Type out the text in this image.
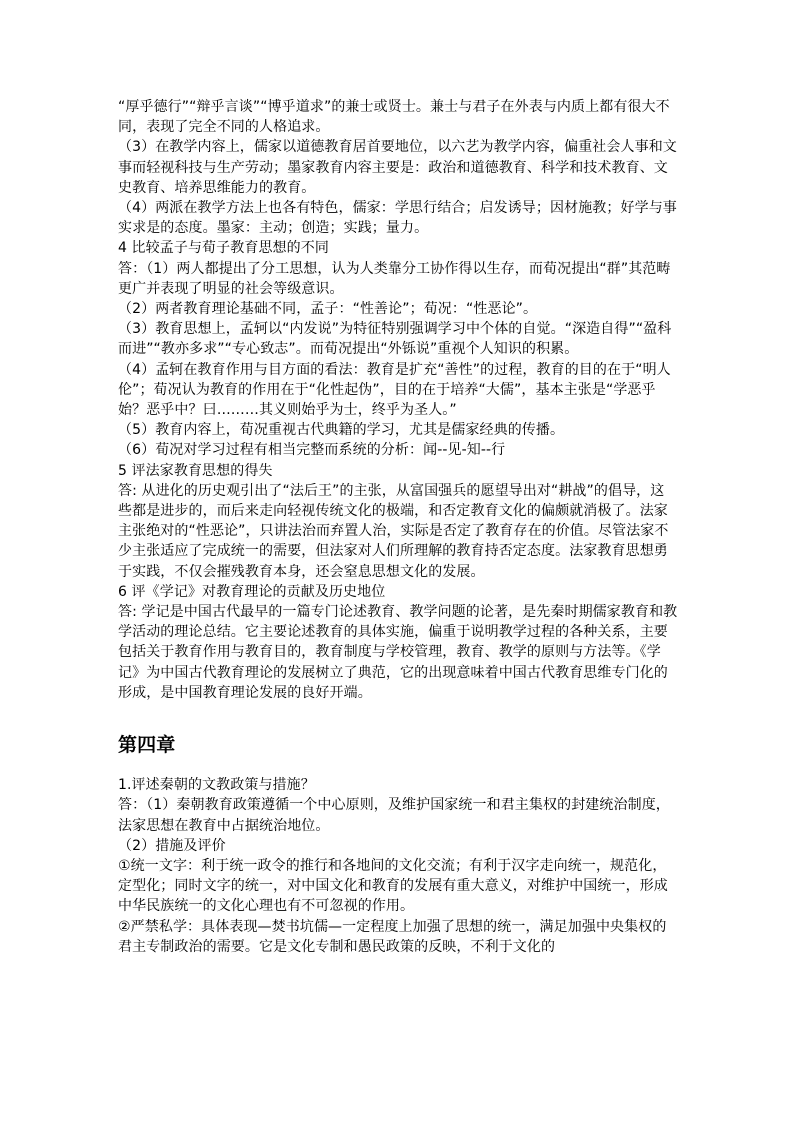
“厚乎德行”“辩乎言谈”“博乎道求”的兼士或贤士。兼士与君子在外表与内质上都有很大不同，表现了完全不同的人格追求。

（3）在教学内容上，儒家以道德教育居首要地位，以六艺为教学内容，偏重社会人事和文事而轻视科技与生产劳动；墨家教育内容主要是：政治和道德教育、科学和技术教育、文史教育、培养思维能力的教育。

（4）两派在教学方法上也各有特色，儒家：学思行结合；启发诱导；因材施教；好学与事实求是的态度。墨家：主动；创造；实践；量力。

4 比较孟子与荀子教育思想的不同

答：（1）两人都提出了分工思想，认为人类靠分工协作得以生存，而荀况提出“群”其范畴更广并表现了明显的社会等级意识。

（2）两者教育理论基础不同，孟子：“性善论”；荀况：“性恶论”。

（3）教育思想上，孟轲以“内发说”为特征特别强调学习中个体的自觉。“深造自得”“盈科而进”“教亦多求”“专心致志”。而荀况提出“外铄说”重视个人知识的积累。

（4）孟轲在教育作用与目方面的看法：教育是扩充“善性”的过程，教育的目的在于“明人伦”；荀况认为教育的作用在于“化性起伪”，目的在于培养“大儒”，基本主张是“学恶乎始？恶乎中？曰………其义则始乎为士，终乎为圣人。”

（5）教育内容上，荀况重视古代典籍的学习，尤其是儒家经典的传播。

（6）荀况对学习过程有相当完整而系统的分析：闻--见-知--行

5 评法家教育思想的得失

答: 从进化的历史观引出了“法后王”的主张，从富国强兵的愿望导出对“耕战”的倡导，这些都是进步的，而后来走向轻视传统文化的极端，和否定教育文化的偏颇就消极了。法家主张绝对的“性恶论”，只讲法治而弃置人治，实际是否定了教育存在的价值。尽管法家不少主张适应了完成统一的需要，但法家对人们所理解的教育持否定态度。法家教育思想勇于实践，不仅会摧残教育本身，还会窒息思想文化的发展。

6 评《学记》对教育理论的贡献及历史地位

答: 学记是中国古代最早的一篇专门论述教育、教学问题的论著，是先秦时期儒家教育和教学活动的理论总结。它主要论述教育的具体实施，偏重于说明教学过程的各种关系，主要包括关于教育作用与教育目的，教育制度与学校管理，教育、教学的原则与方法等。《学记》为中国古代教育理论的发展树立了典范，它的出现意味着中国古代教育思维专门化的形成，是中国教育理论发展的良好开端。

第四章

1.评述秦朝的文教政策与措施？

答：（1）秦朝教育政策遵循一个中心原则，及维护国家统一和君主集权的封建统治制度，法家思想在教育中占据统治地位。

（2）措施及评价

①统一文字：利于统一政令的推行和各地间的文化交流；有利于汉字走向统一，规范化，定型化；同时文字的统一，对中国文化和教育的发展有重大意义，对维护中国统一，形成中华民族统一的文化心理也有不可忽视的作用。

②严禁私学：具体表现—焚书坑儒—一定程度上加强了思想的统一，满足加强中央集权的君主专制政治的需要。它是文化专制和愚民政策的反映，不利于文化的
